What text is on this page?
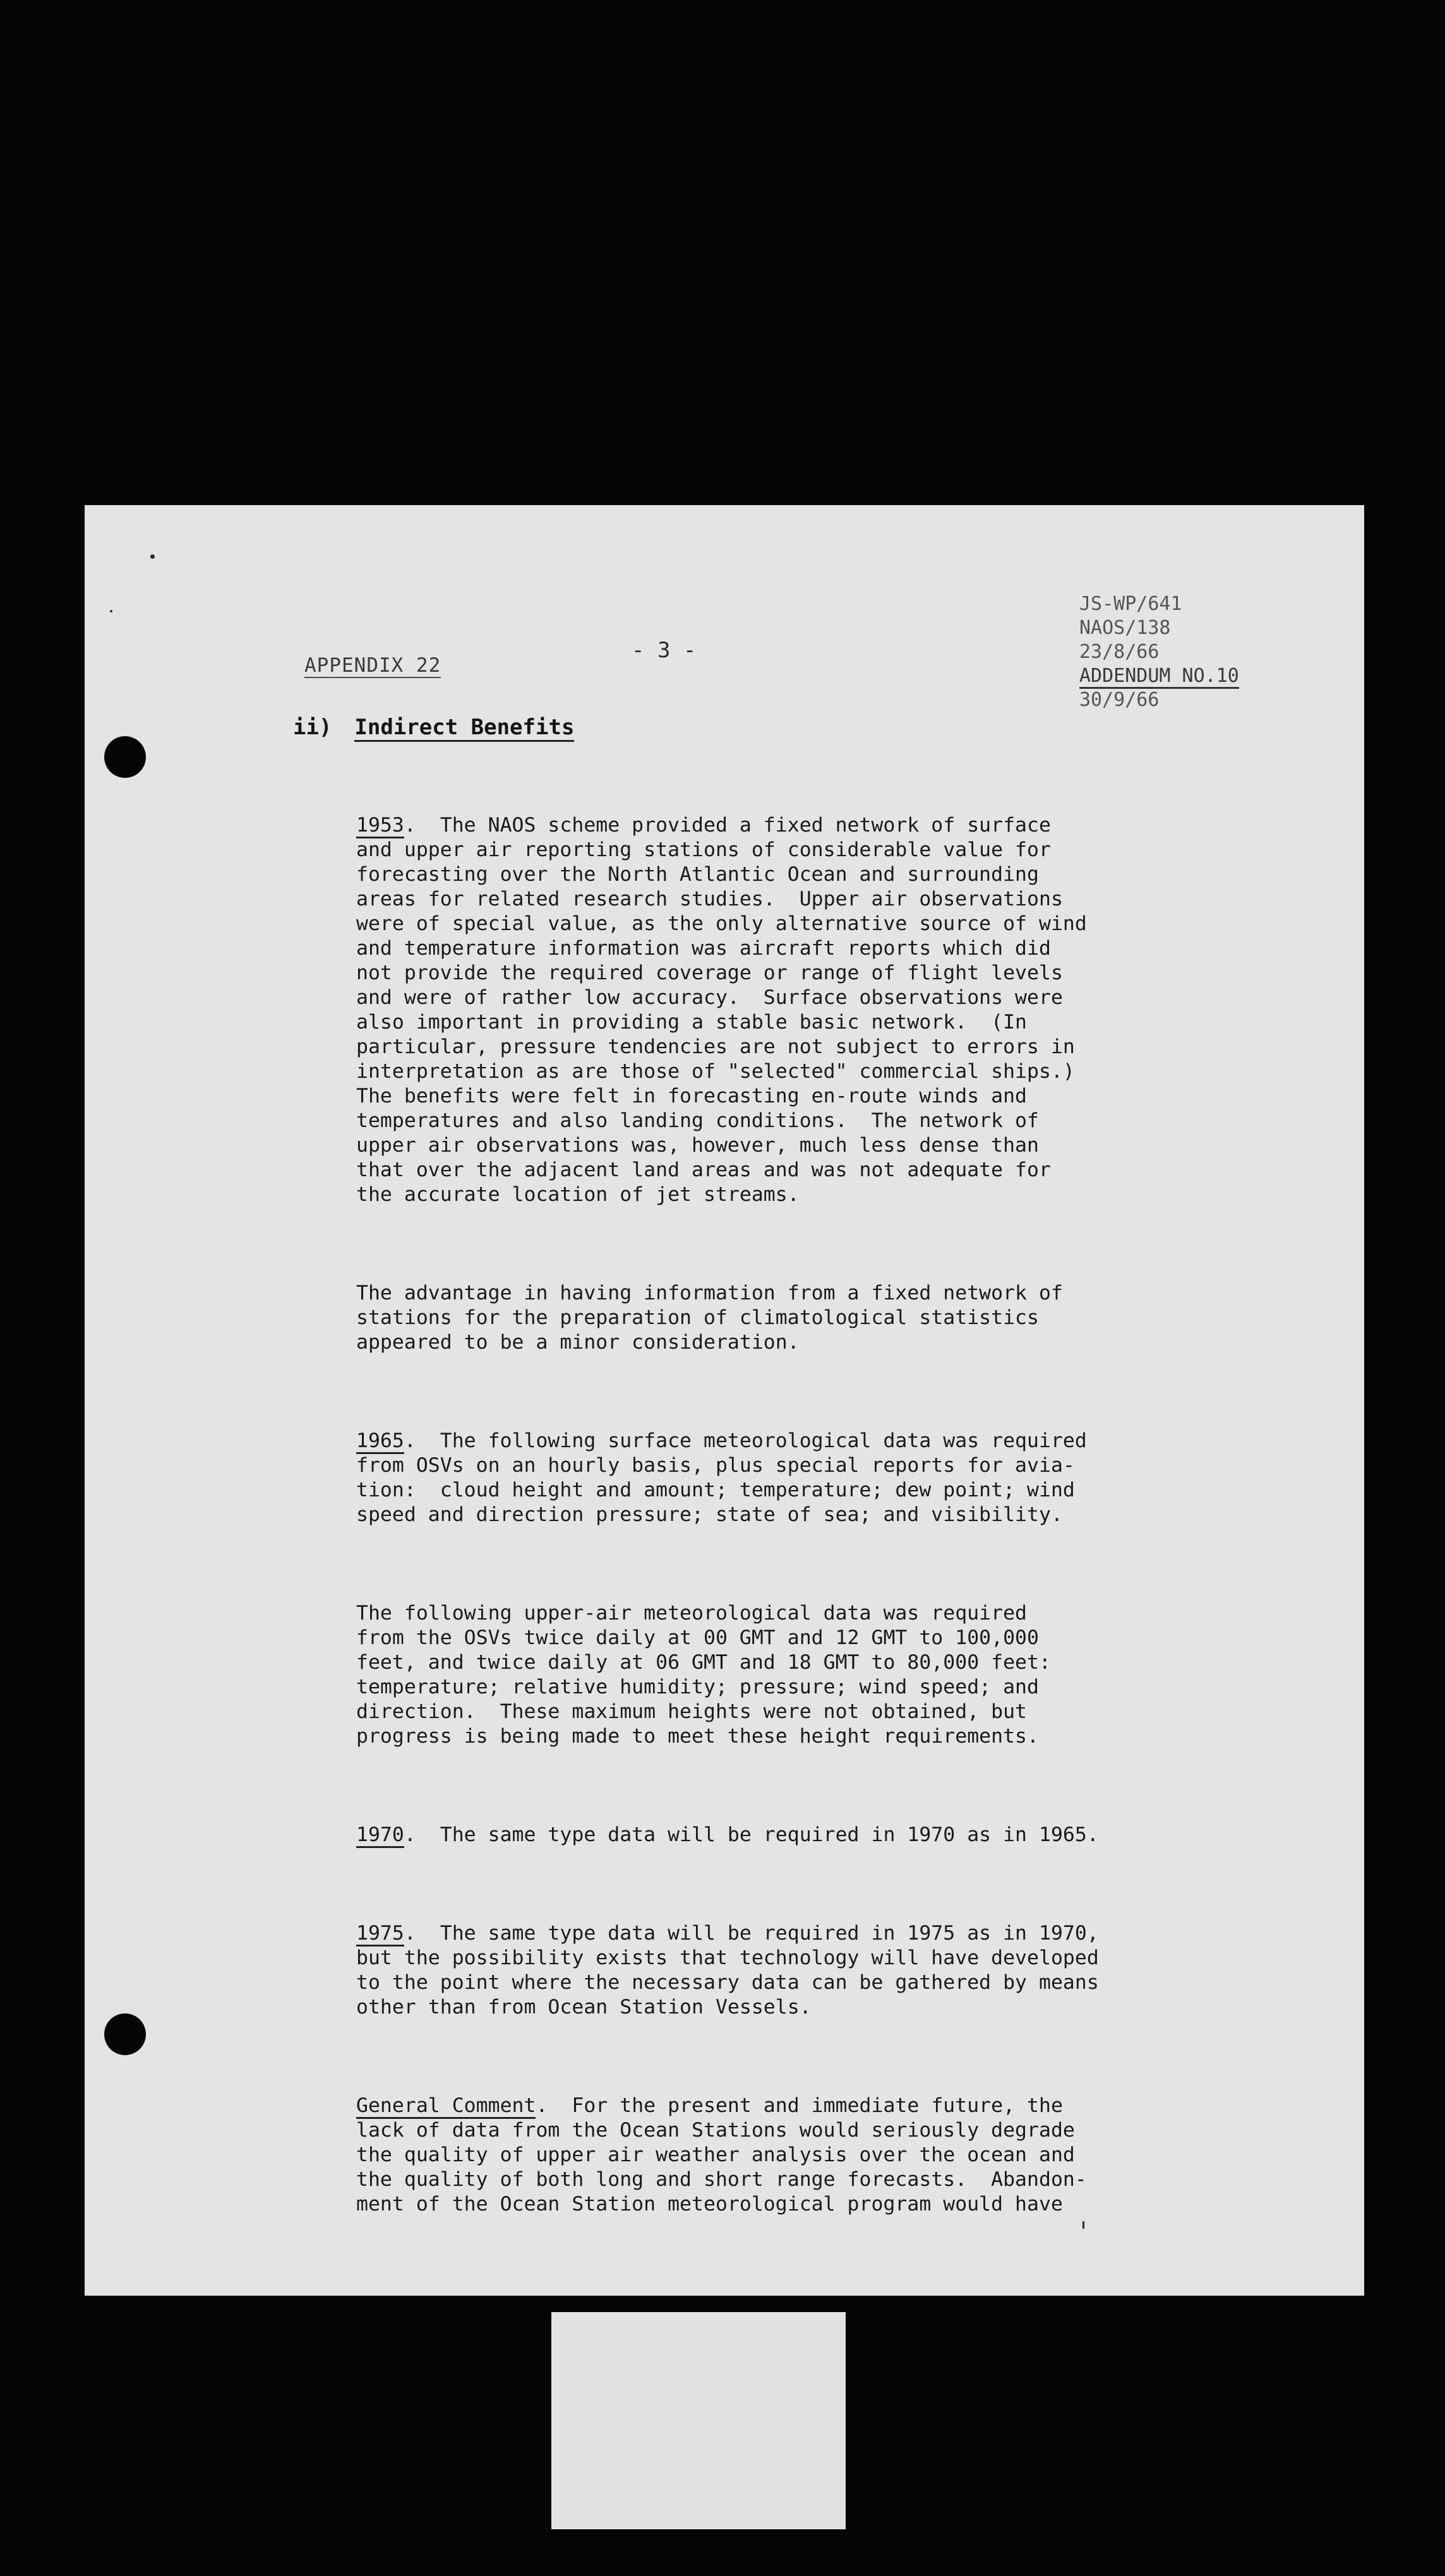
APPENDIX 22
- 3 -
JS-WP/641
NAOS/138
23/8/66
ADDENDUM NO.10
30/9/66
ii) Indirect Benefits

1953.  The NAOS scheme provided a fixed network of surface
and upper air reporting stations of considerable value for
forecasting over the North Atlantic Ocean and surrounding
areas for related research studies.  Upper air observations
were of special value, as the only alternative source of wind
and temperature information was aircraft reports which did
not provide the required coverage or range of flight levels
and were of rather low accuracy.  Surface observations were
also important in providing a stable basic network.  (In
particular, pressure tendencies are not subject to errors in
interpretation as are those of "selected" commercial ships.)
The benefits were felt in forecasting en-route winds and
temperatures and also landing conditions.  The network of
upper air observations was, however, much less dense than
that over the adjacent land areas and was not adequate for
the accurate location of jet streams.

The advantage in having information from a fixed network of
stations for the preparation of climatological statistics
appeared to be a minor consideration.

1965.  The following surface meteorological data was required
from OSVs on an hourly basis, plus special reports for avia-
tion:  cloud height and amount; temperature; dew point; wind
speed and direction pressure; state of sea; and visibility.

The following upper-air meteorological data was required
from the OSVs twice daily at 00 GMT and 12 GMT to 100,000
feet, and twice daily at 06 GMT and 18 GMT to 80,000 feet:
temperature; relative humidity; pressure; wind speed; and
direction.  These maximum heights were not obtained, but
progress is being made to meet these height requirements.

1970.  The same type data will be required in 1970 as in 1965.

1975.  The same type data will be required in 1975 as in 1970,
but the possibility exists that technology will have developed
to the point where the necessary data can be gathered by means
other than from Ocean Station Vessels.

General Comment.  For the present and immediate future, the
lack of data from the Ocean Stations would seriously degrade
the quality of upper air weather analysis over the ocean and
the quality of both long and short range forecasts.  Abandon-
ment of the Ocean Station meteorological program would have
